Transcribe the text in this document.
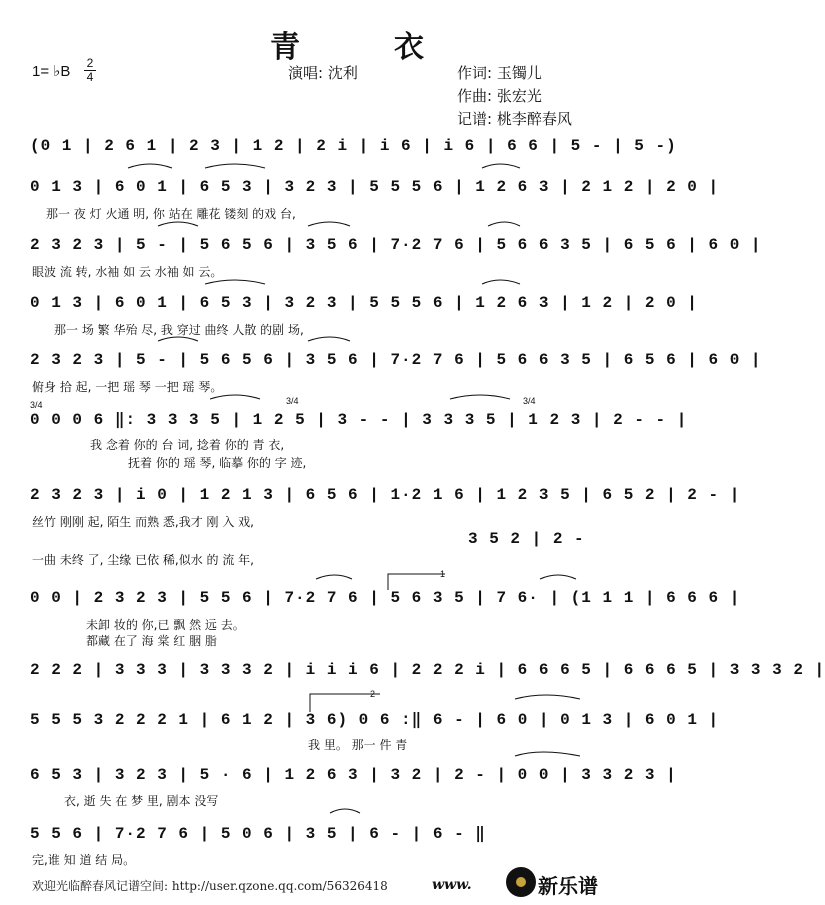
青　衣
1= ♭B 2
4	演唱: 沈利	作词: 玉镯儿
作曲: 张宏光
记谱: 桃李醉春风
(0 1 | 2 6 1 | 2 3 | 1 2 | 2 i | i 6 | i 6 | 6 6 | 5 - | 5 -)
0 1 3 | 6 0 1 | 6 5 3 | 3 2 3 | 5 5 5 6 | 1 2 6 3 | 2 1 2 | 2 0 |
那一 夜 灯 火通 明, 你 站在 雕花 镂刻 的戏 台,
2 3 2 3 | 5 - | 5 6 5 6 | 3 5 6 | 7·2 7 6 | 5 6 6 3 5 | 6 5 6 | 6 0 |
眼波 流 转, 水袖 如 云 水袖 如 云。
0 1 3 | 6 0 1 | 6 5 3 | 3 2 3 | 5 5 5 6 | 1 2 6 3 | 1 2 | 2 0 |
那一 场 繁 华殆 尽, 我 穿过 曲终 人散 的剧 场,
2 3 2 3 | 5 - | 5 6 5 6 | 3 5 6 | 7·2 7 6 | 5 6 6 3 5 | 6 5 6 | 6 0 |
俯身 拾 起, 一把 瑶 琴 一把 瑶 琴。
3/4	3/4	3/4
0 0 0 6 ‖: 3 3 3 5 | 1 2 5 | 3 - - | 3 3 3 5 | 1 2 3 | 2 - - |
我 念着 你的 台 词, 捻着 你的 青 衣,
抚着 你的 瑶 琴, 临摹 你的 字 迹,
2 3 2 3 | i 0 | 1 2 1 3 | 6 5 6 | 1·2 1 6 | 1 2 3 5 | 6 5 2 | 2 - |
丝竹 刚刚 起, 陌生 而熟 悉,我才 刚 入 戏,
3 5 2 | 2 -
一曲 未终 了, 尘缘 已依 稀,似水 的 流 年,
1
0 0 | 2 3 2 3 | 5 5 6 | 7·2 7 6 | 5 6 3 5 | 7 6· | (1 1 1 | 6 6 6 |
未卸 妆的 你,已 飘 然 远 去。
都藏 在了 海 棠 红 胭 脂
2 2 2 | 3 3 3 | 3 3 3 2 | i i i 6 | 2 2 2 i | 6 6 6 5 | 6 6 6 5 | 3 3 3 2 |
2
5 5 5 3 2 2 2 1 | 6 1 2 | 3 6) 0 6 :‖ 6 - | 6 0 | 0 1 3 | 6 0 1 |
我 里。 那一 件 青
6 5 3 | 3 2 3 | 5 · 6 | 1 2 6 3 | 3 2 | 2 - | 0 0 | 3 3 2 3 |
衣, 逝 失 在 梦 里, 剧本 没写
5 5 6 | 7·2 7 6 | 5 0 6 | 3 5 | 6 - | 6 - ‖
完,谁 知 道 结 局。
欢迎光临醉春风记谱空间: http://user.qzone.qq.com/56326418	www.	新乐谱
